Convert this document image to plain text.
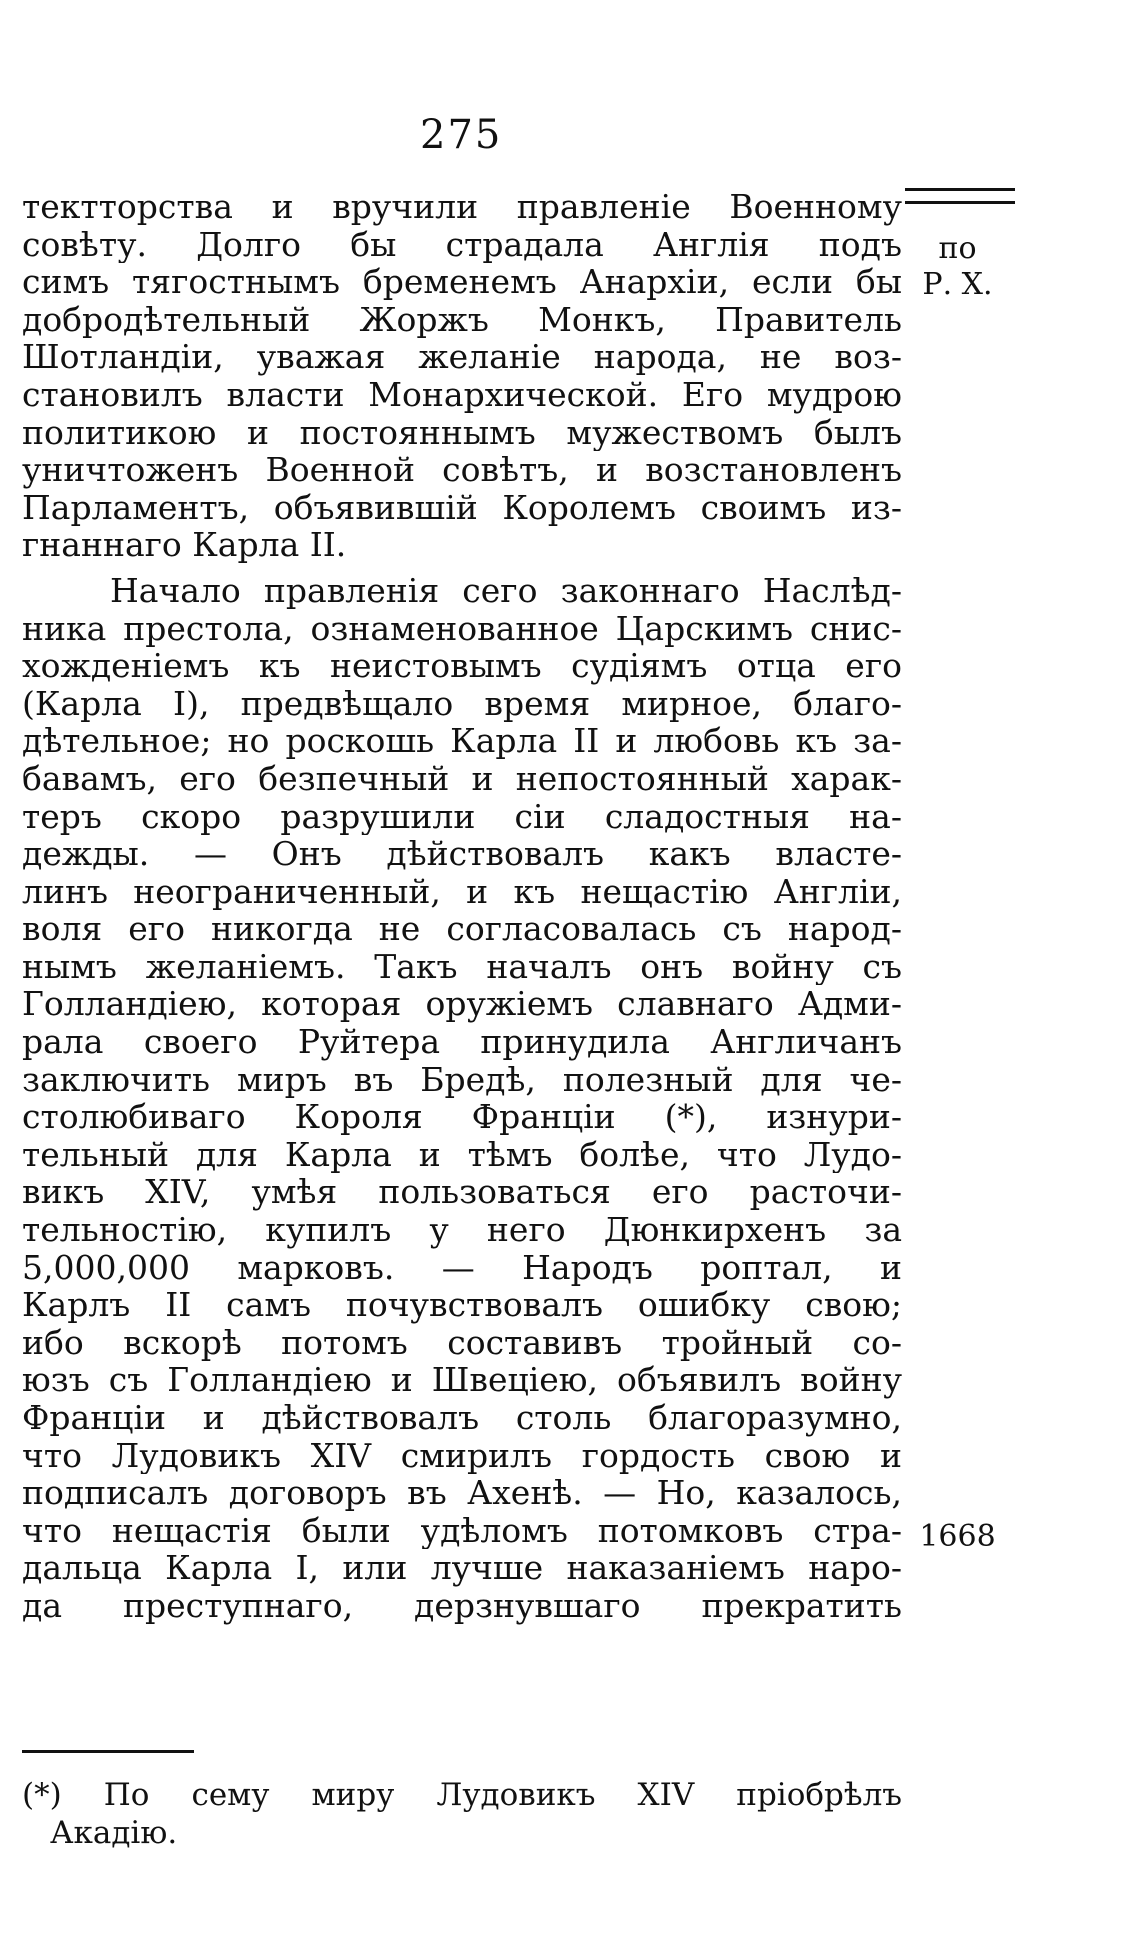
275
по
Р. Х.
1668
тектторства и вручили правленіе Военному
совѣту. Долго бы страдала Англія подъ
симъ тягостнымъ бременемъ Анархіи, если бы
добродѣтельный Жоржъ Монкъ, Правитель
Шотландіи, уважая желаніе народа, не воз-
становилъ власти Монархической. Его мудрою
политикою и постояннымъ мужествомъ былъ
уничтоженъ Военной совѣтъ, и возстановленъ
Парламентъ, объявившій Королемъ своимъ из-
гнаннаго Карла II.
Начало правленія сего законнаго Наслѣд-
ника престола, ознаменованное Царскимъ снис-
хожденіемъ къ неистовымъ судіямъ отца его
(Карла I), предвѣщало время мирное, благо-
дѣтельное; но роскошь Карла II и любовь къ за-
бавамъ, его безпечный и непостоянный харак-
теръ скоро разрушили сіи сладостныя на-
дежды. — Онъ дѣйствовалъ какъ власте-
линъ неограниченный, и къ нещастію Англіи,
воля его никогда не согласовалась съ народ-
нымъ желаніемъ. Такъ началъ онъ войну съ
Голландіею, которая оружіемъ славнаго Адми-
рала своего Руйтера принудила Англичанъ
заключить миръ въ Бредѣ, полезный для че-
столюбиваго Короля Франціи (*), изнури-
тельный для Карла и тѣмъ болѣе, что Лудо-
викъ XIV, умѣя пользоваться его расточи-
тельностію, купилъ у него Дюнкирхенъ за
5,000,000 марковъ. — Народъ роптал, и
Карлъ II самъ почувствовалъ ошибку свою;
ибо вскорѣ потомъ составивъ тройный со-
юзъ съ Голландіею и Швеціею, объявилъ войну
Франціи и дѣйствовалъ столь благоразумно,
что Лудовикъ XIV смирилъ гордость свою и
подписалъ договоръ въ Ахенѣ. — Но, казалось,
что нещастія были удѣломъ потомковъ стра-
дальца Карла I, или лучше наказаніемъ наро-
да преступнаго, дерзнувшаго прекратить
(*) По сему миру Лудовикъ XIV пріобрѣлъ
Акадію.
